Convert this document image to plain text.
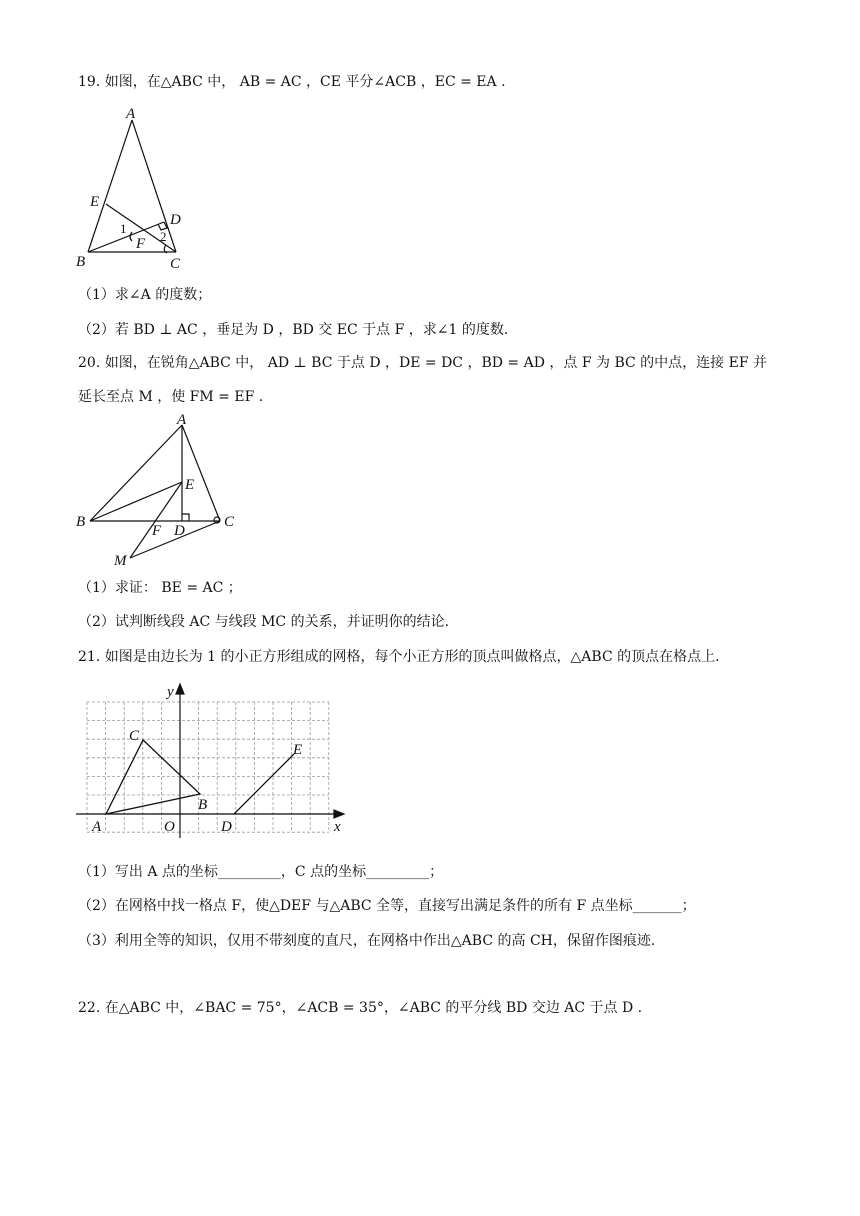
19. 如图，在△ABC 中， AB = AC ，CE 平分∠ACB ，EC = EA .
A
E
D
F
B	C
1
2
（1）求∠A 的度数；
（2）若 BD ⊥ AC ，垂足为 D ，BD 交 EC 于点 F ，求∠1 的度数.
20. 如图，在锐角△ABC 中， AD ⊥ BC 于点 D ，DE = DC ，BD = AD ，点 F 为 BC 的中点，连接 EF 并
延长至点 M ，使 FM = EF .
A
E
B
F D
C
M
（1）求证： BE = AC ；
（2）试判断线段 AC 与线段 MC 的关系，并证明你的结论.
21. 如图是由边长为 1 的小正方形组成的网格，每个小正方形的顶点叫做格点，△ABC 的顶点在格点上.
y
x
O
A
B
C
D
E
（1）写出 A 点的坐标_________，C 点的坐标_________；
（2）在网格中找一格点 F，使△DEF 与△ABC 全等，直接写出满足条件的所有 F 点坐标_______；
（3）利用全等的知识，仅用不带刻度的直尺，在网格中作出△ABC 的高 CH，保留作图痕迹.
22. 在△ABC 中，∠BAC = 75°，∠ACB = 35°，∠ABC 的平分线 BD 交边 AC 于点 D .
